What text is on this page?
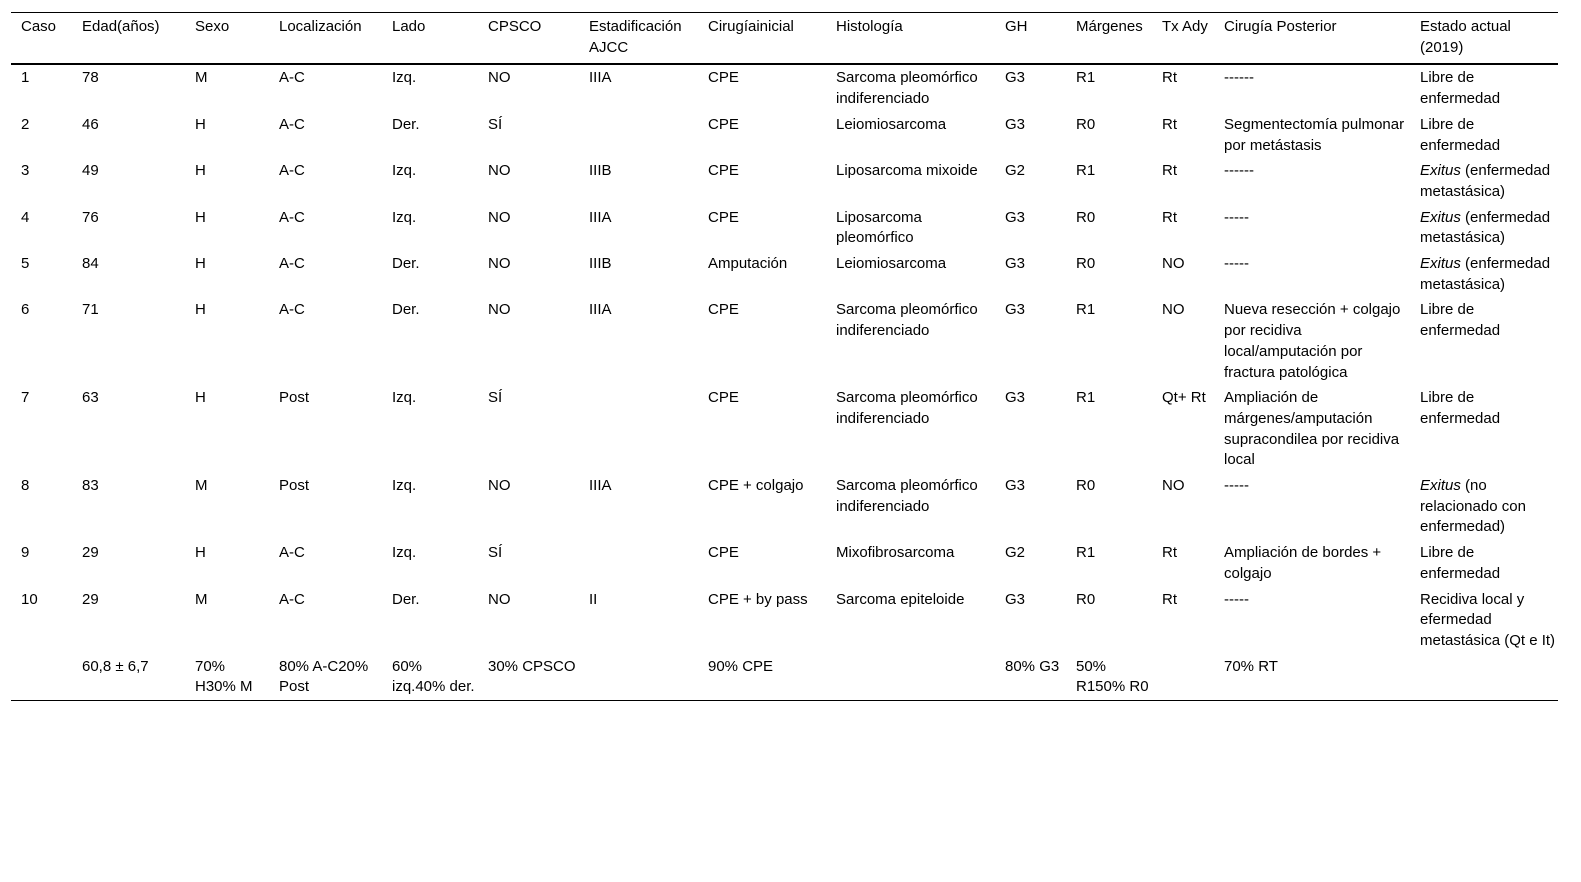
Caso	Edad(años)	Sexo	Localización	Lado	CPSCO	Estadificación AJCC	Cirugíainicial	Histología	GH	Márgenes	Tx Ady	Cirugía Posterior	Estado actual (2019)
1	78	M	A-C	Izq.	NO	IIIA	CPE	Sarcoma pleomórfico indiferenciado	G3	R1	Rt	------	Libre de enfermedad
2	46	H	A-C	Der.	SÍ		CPE	Leiomiosarcoma	G3	R0	Rt	Segmentectomía pulmonar por metástasis	Libre de enfermedad
3	49	H	A-C	Izq.	NO	IIIB	CPE	Liposarcoma mixoide	G2	R1	Rt	------	Exitus (enfermedad metastásica)
4	76	H	A-C	Izq.	NO	IIIA	CPE	Liposarcoma pleomórfico	G3	R0	Rt	-----	Exitus (enfermedad metastásica)
5	84	H	A-C	Der.	NO	IIIB	Amputación	Leiomiosarcoma	G3	R0	NO	-----	Exitus (enfermedad metastásica)
6	71	H	A-C	Der.	NO	IIIA	CPE	Sarcoma pleomórfico indiferenciado	G3	R1	NO	Nueva resección + colgajo por recidiva local/amputación por fractura patológica	Libre de enfermedad
7	63	H	Post	Izq.	SÍ		CPE	Sarcoma pleomórfico indiferenciado	G3	R1	Qt+ Rt	Ampliación de márgenes/amputación supracondilea por recidiva local	Libre de enfermedad
8	83	M	Post	Izq.	NO	IIIA	CPE + colgajo	Sarcoma pleomórfico indiferenciado	G3	R0	NO	-----	Exitus (no relacionado con enfermedad)
9	29	H	A-C	Izq.	SÍ		CPE	Mixofibrosarcoma	G2	R1	Rt	Ampliación de bordes + colgajo	Libre de enfermedad
10	29	M	A-C	Der.	NO	II	CPE + by pass	Sarcoma epiteloide	G3	R0	Rt	-----	Recidiva local y efermedad metastásica (Qt e It)
	60,8 ± 6,7	70% H30% M	80% A-C20% Post	60% izq.40% der.	30% CPSCO		90% CPE		80% G3	50% R150% R0		70% RT	
